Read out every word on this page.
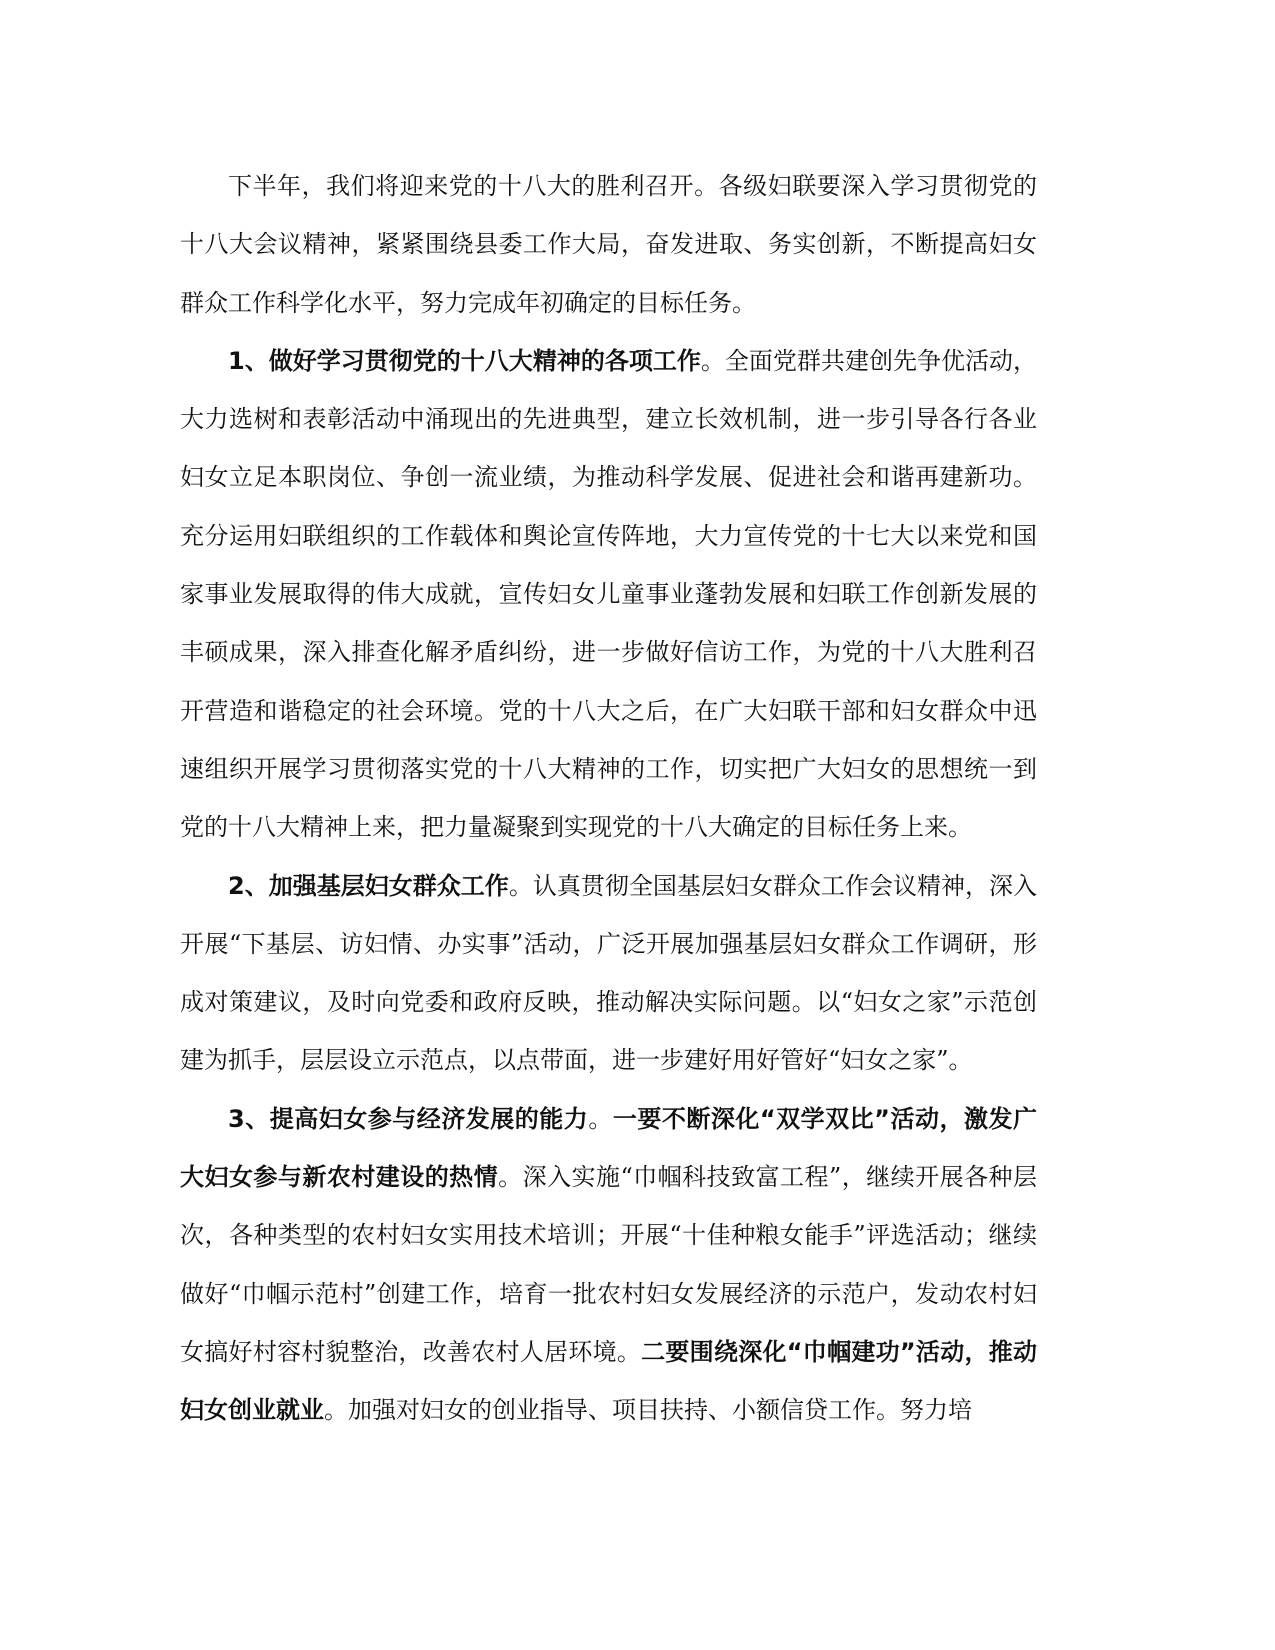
下半年，我们将迎来党的十八大的胜利召开。各级妇联要深入学习贯彻党的十八大会议精神，紧紧围绕县委工作大局，奋发进取、务实创新，不断提高妇女群众工作科学化水平，努力完成年初确定的目标任务。

1、做好学习贯彻党的十八大精神的各项工作。全面党群共建创先争优活动，大力选树和表彰活动中涌现出的先进典型，建立长效机制，进一步引导各行各业妇女立足本职岗位、争创一流业绩，为推动科学发展、促进社会和谐再建新功。充分运用妇联组织的工作载体和舆论宣传阵地，大力宣传党的十七大以来党和国家事业发展取得的伟大成就，宣传妇女儿童事业蓬勃发展和妇联工作创新发展的丰硕成果，深入排查化解矛盾纠纷，进一步做好信访工作，为党的十八大胜利召开营造和谐稳定的社会环境。党的十八大之后，在广大妇联干部和妇女群众中迅速组织开展学习贯彻落实党的十八大精神的工作，切实把广大妇女的思想统一到党的十八大精神上来，把力量凝聚到实现党的十八大确定的目标任务上来。

2、加强基层妇女群众工作。认真贯彻全国基层妇女群众工作会议精神，深入开展“下基层、访妇情、办实事”活动，广泛开展加强基层妇女群众工作调研，形成对策建议，及时向党委和政府反映，推动解决实际问题。以“妇女之家”示范创建为抓手，层层设立示范点，以点带面，进一步建好用好管好“妇女之家”。

3、提高妇女参与经济发展的能力。一要不断深化“双学双比”活动，激发广大妇女参与新农村建设的热情。深入实施“巾帼科技致富工程”，继续开展各种层次，各种类型的农村妇女实用技术培训；开展“十佳种粮女能手”评选活动；继续做好“巾帼示范村”创建工作，培育一批农村妇女发展经济的示范户，发动农村妇女搞好村容村貌整治，改善农村人居环境。二要围绕深化“巾帼建功”活动，推动妇女创业就业。加强对妇女的创业指导、项目扶持、小额信贷工作。努力培
